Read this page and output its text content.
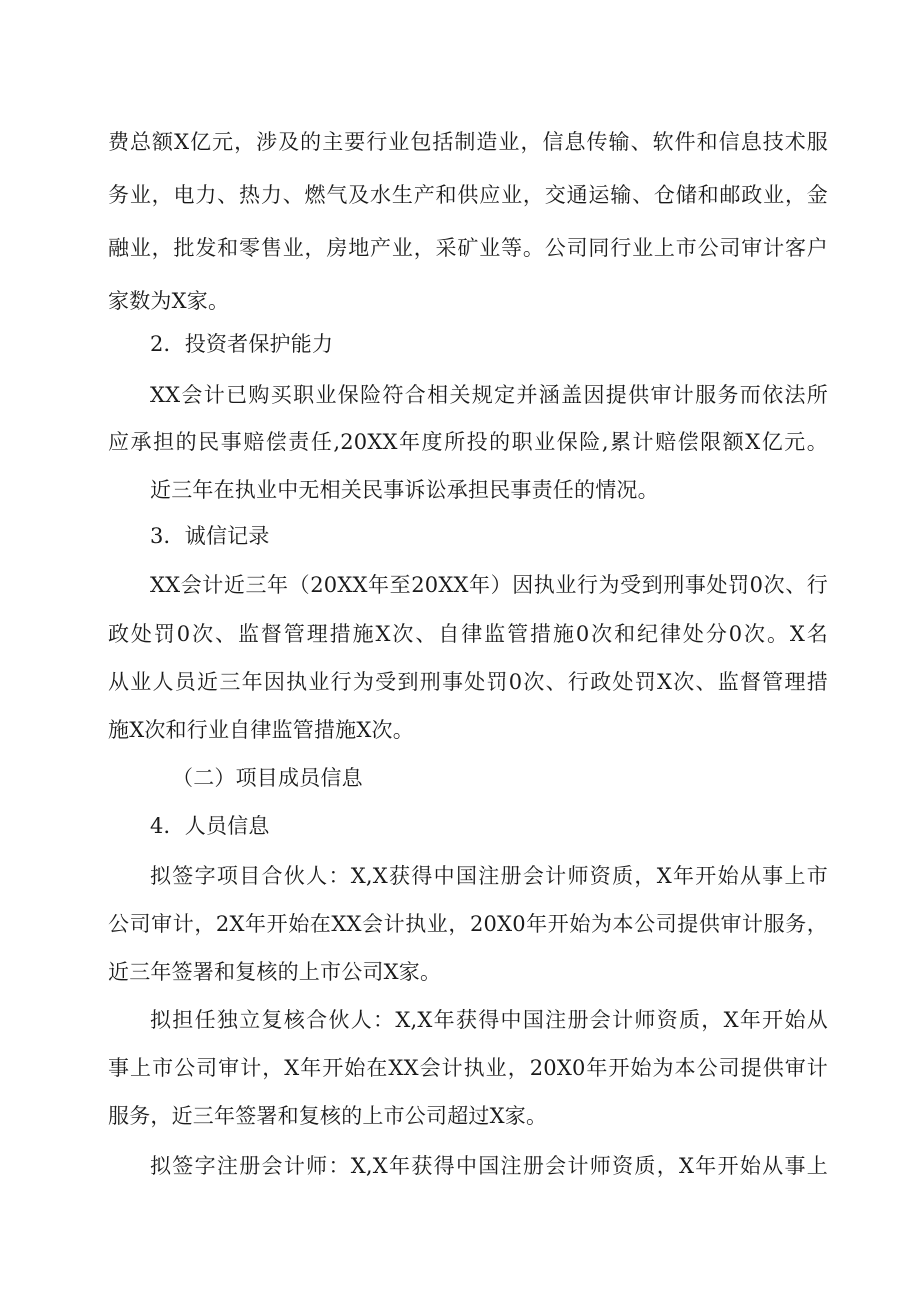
费总额X亿元，涉及的主要行业包括制造业，信息传输、软件和信息技术服
务业，电力、热力、燃气及水生产和供应业，交通运输、仓储和邮政业，金
融业，批发和零售业，房地产业，采矿业等。公司同行业上市公司审计客户
家数为X家。
2．投资者保护能力
XX会计已购买职业保险符合相关规定并涵盖因提供审计服务而依法所
应承担的民事赔偿责任,20XX年度所投的职业保险,累计赔偿限额X亿元。
近三年在执业中无相关民事诉讼承担民事责任的情况。
3．诚信记录
XX会计近三年（20XX年至20XX年）因执业行为受到刑事处罚0次、行
政处罚0次、监督管理措施X次、自律监管措施0次和纪律处分0次。X名
从业人员近三年因执业行为受到刑事处罚0次、行政处罚X次、监督管理措
施X次和行业自律监管措施X次。
（二）项目成员信息
4．人员信息
拟签字项目合伙人：X,X获得中国注册会计师资质，X年开始从事上市
公司审计，2X年开始在XX会计执业，20X0年开始为本公司提供审计服务，
近三年签署和复核的上市公司X家。
拟担任独立复核合伙人：X,X年获得中国注册会计师资质，X年开始从
事上市公司审计，X年开始在XX会计执业，20X0年开始为本公司提供审计
服务，近三年签署和复核的上市公司超过X家。
拟签字注册会计师：X,X年获得中国注册会计师资质，X年开始从事上
